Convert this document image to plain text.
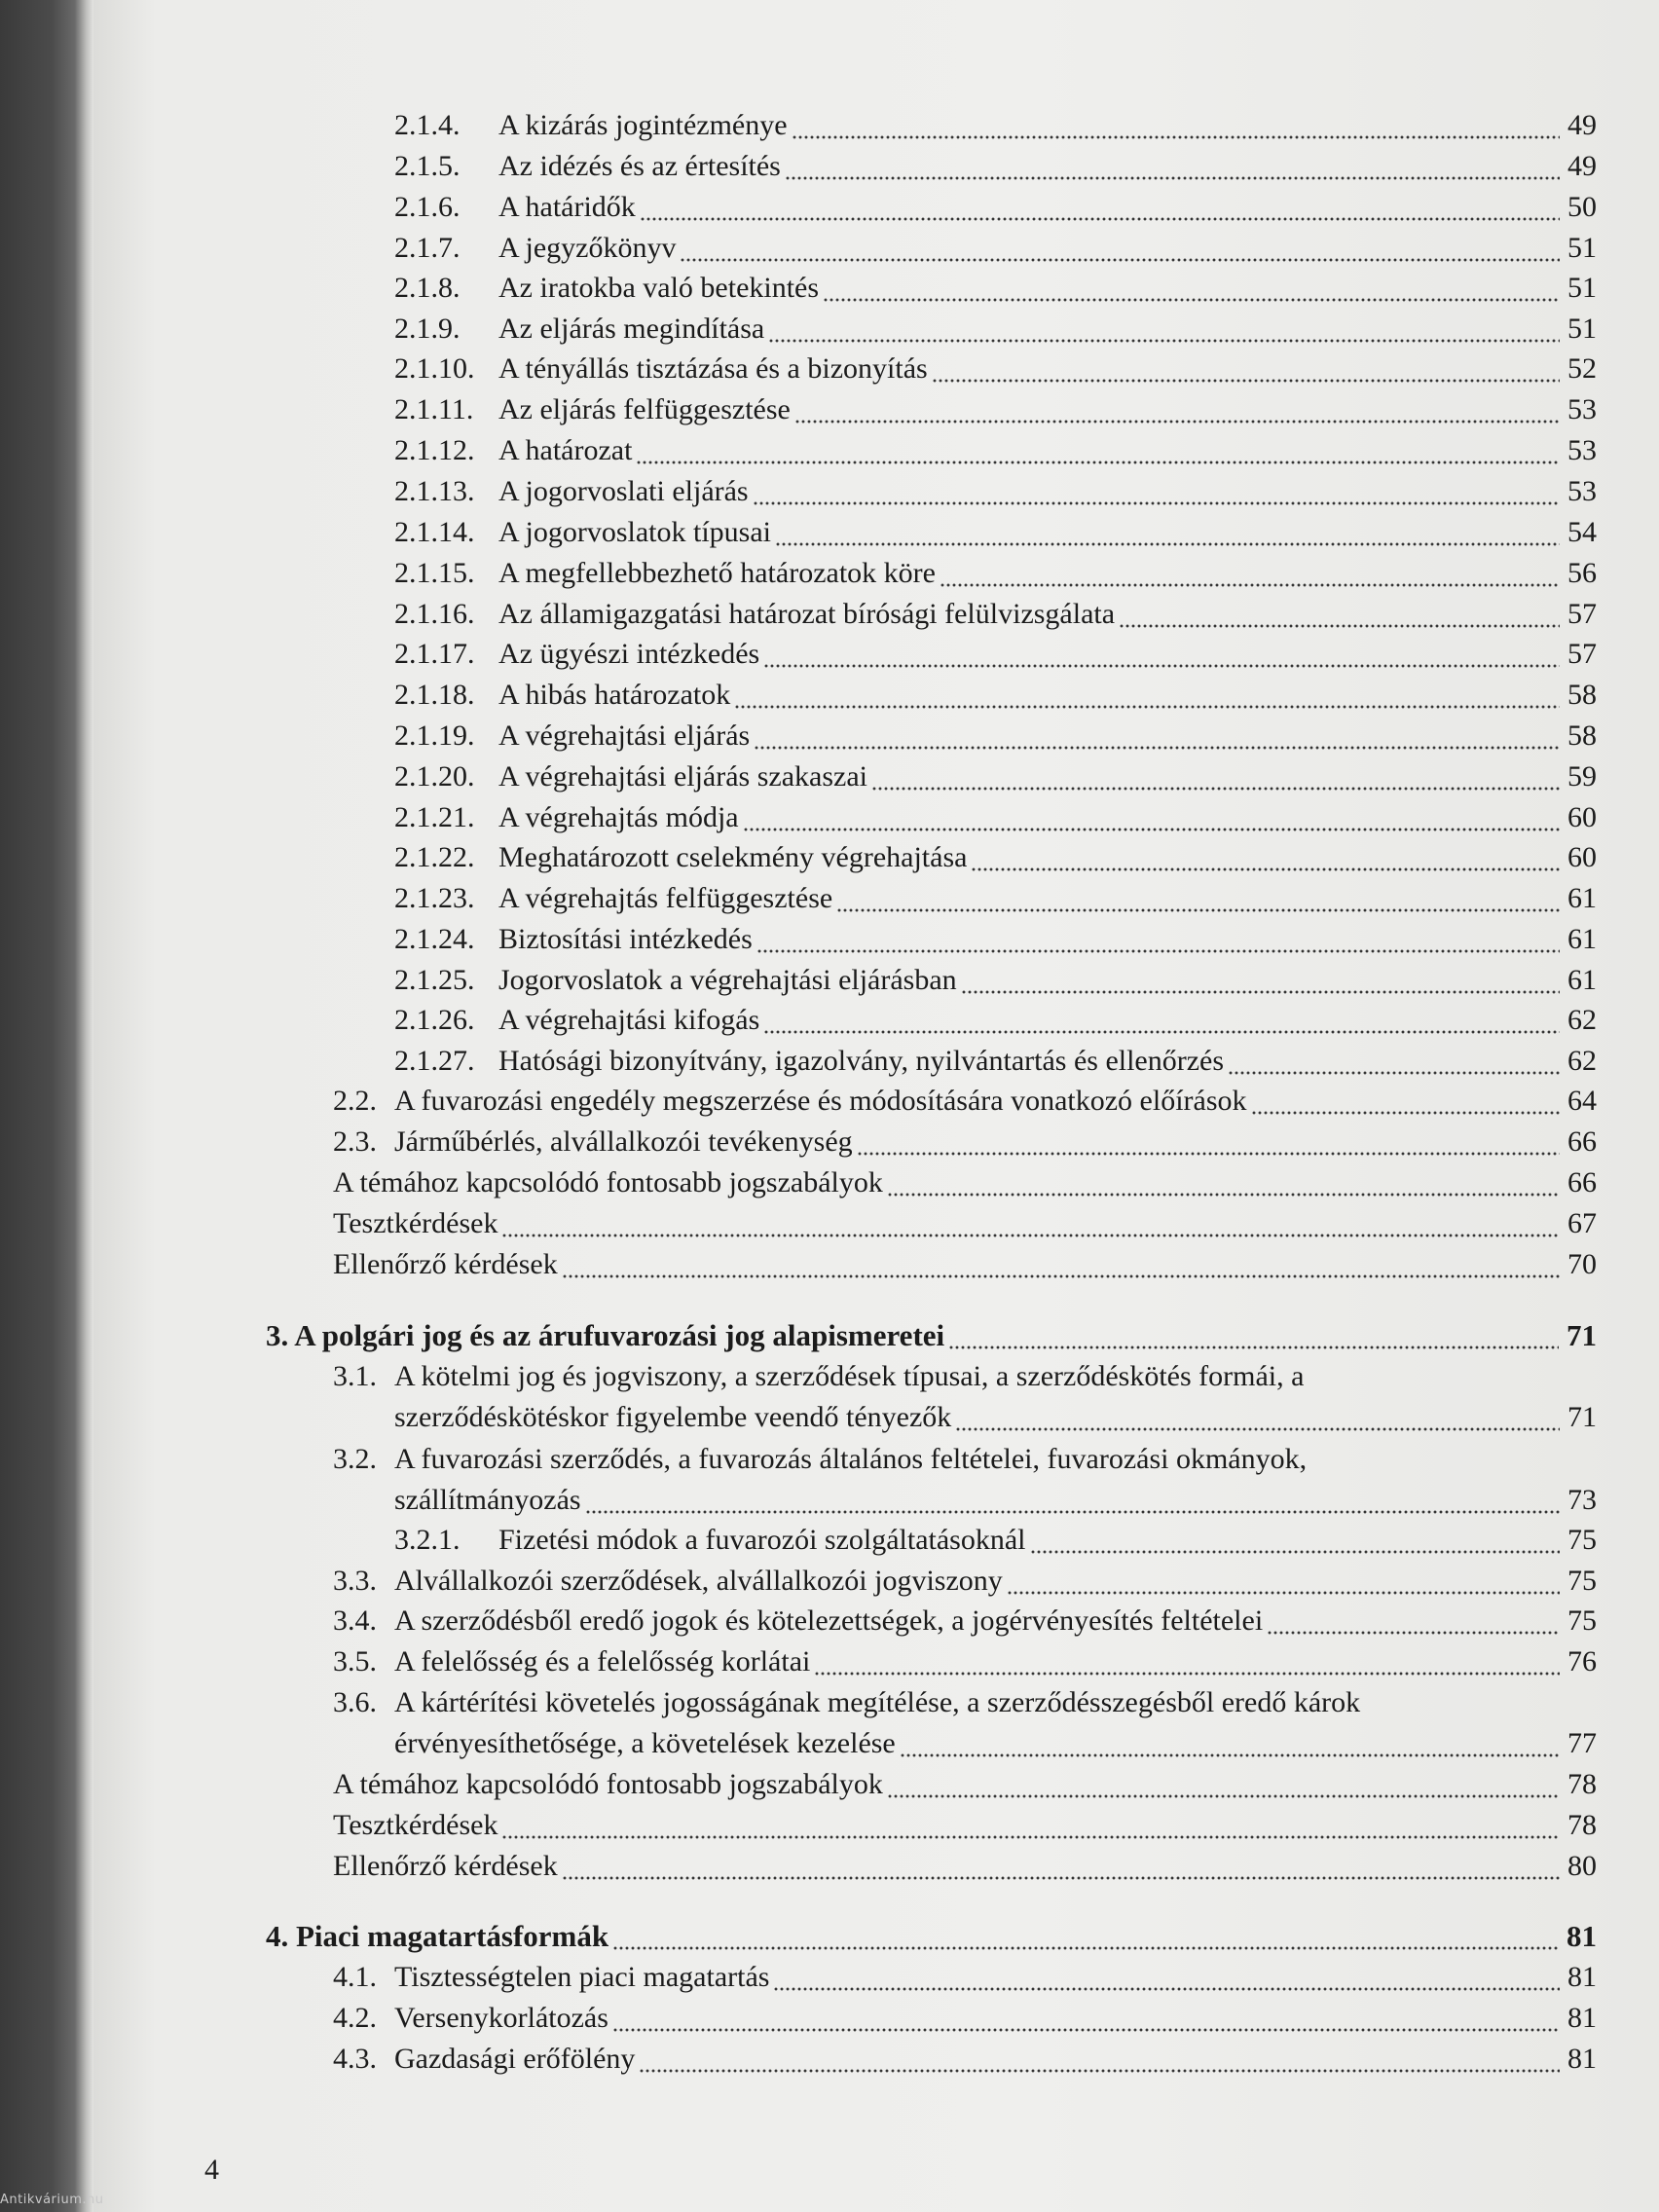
2.1.4. A kizárás jogintézménye	49
2.1.5. Az idézés és az értesítés	49
2.1.6. A határidők	50
2.1.7. A jegyzőkönyv	51
2.1.8. Az iratokba való betekintés	51
2.1.9. Az eljárás megindítása	51
2.1.10. A tényállás tisztázása és a bizonyítás	52
2.1.11. Az eljárás felfüggesztése	53
2.1.12. A határozat	53
2.1.13. A jogorvoslati eljárás	53
2.1.14. A jogorvoslatok típusai	54
2.1.15. A megfellebbezhető határozatok köre	56
2.1.16. Az államigazgatási határozat bírósági felülvizsgálata	57
2.1.17. Az ügyészi intézkedés	57
2.1.18. A hibás határozatok	58
2.1.19. A végrehajtási eljárás	58
2.1.20. A végrehajtási eljárás szakaszai	59
2.1.21. A végrehajtás módja	60
2.1.22. Meghatározott cselekmény végrehajtása	60
2.1.23. A végrehajtás felfüggesztése	61
2.1.24. Biztosítási intézkedés	61
2.1.25. Jogorvoslatok a végrehajtási eljárásban	61
2.1.26. A végrehajtási kifogás	62
2.1.27. Hatósági bizonyítvány, igazolvány, nyilvántartás és ellenőrzés	62
2.2. A fuvarozási engedély megszerzése és módosítására vonatkozó előírások	64
2.3. Járműbérlés, alvállalkozói tevékenység	66
A témához kapcsolódó fontosabb jogszabályok	66
Tesztkérdések	67
Ellenőrző kérdések	70
3. A polgári jog és az árufuvarozási jog alapismeretei	71
3.1. A kötelmi jog és jogviszony, a szerződések típusai, a szerződéskötés formái, a
szerződéskötéskor figyelembe veendő tényezők	71
3.2. A fuvarozási szerződés, a fuvarozás általános feltételei, fuvarozási okmányok,
szállítmányozás	73
3.2.1. Fizetési módok a fuvarozói szolgáltatásoknál	75
3.3. Alvállalkozói szerződések, alvállalkozói jogviszony	75
3.4. A szerződésből eredő jogok és kötelezettségek, a jogérvényesítés feltételei	75
3.5. A felelősség és a felelősség korlátai	76
3.6. A kártérítési követelés jogosságának megítélése, a szerződésszegésből eredő károk
érvényesíthetősége, a követelések kezelése	77
A témához kapcsolódó fontosabb jogszabályok	78
Tesztkérdések	78
Ellenőrző kérdések	80
4. Piaci magatartásformák	81
4.1. Tisztességtelen piaci magatartás	81
4.2. Versenykorlátozás	81
4.3. Gazdasági erőfölény	81
4
Antikvárium.hu
